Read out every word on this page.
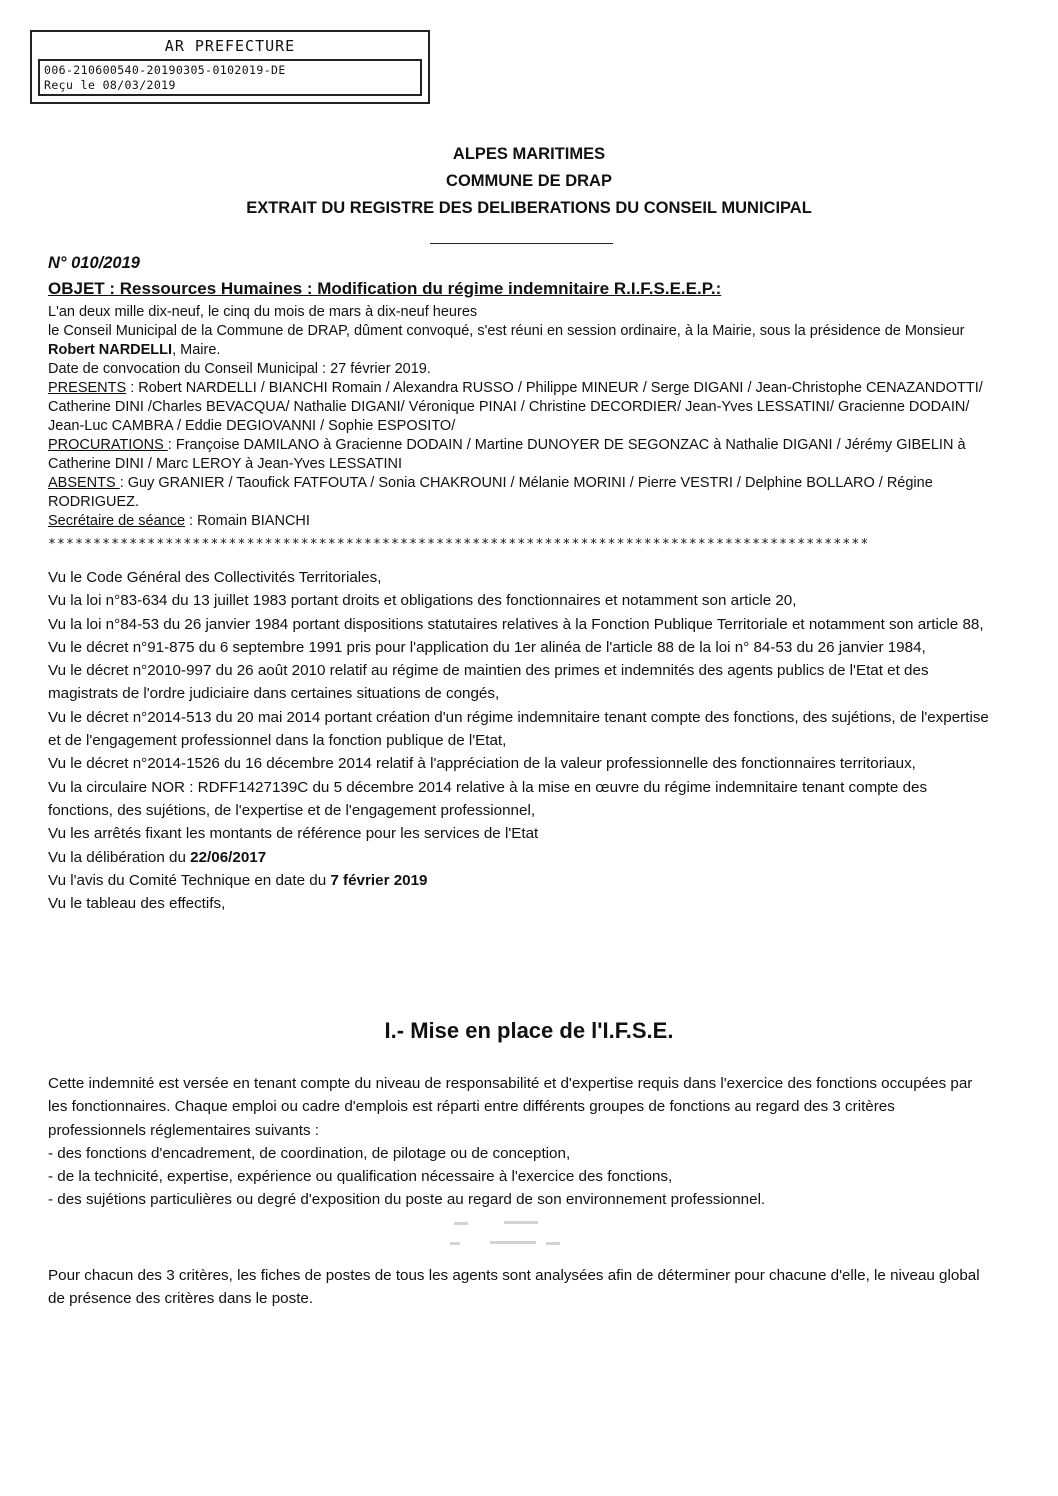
AR PREFECTURE
006-210600540-20190305-0102019-DE
Reçu le 08/03/2019
ALPES MARITIMES
COMMUNE DE DRAP
EXTRAIT DU REGISTRE DES DELIBERATIONS DU CONSEIL MUNICIPAL
N° 010/2019
OBJET : Ressources Humaines : Modification du régime indemnitaire R.I.F.S.E.E.P.:

L'an deux mille dix-neuf, le cinq du mois de mars à dix-neuf heures

le Conseil Municipal de la Commune de DRAP, dûment convoqué, s'est réuni en session ordinaire, à la Mairie, sous la présidence de Monsieur Robert NARDELLI, Maire.

Date de convocation du Conseil Municipal : 27 février 2019.

PRESENTS : Robert NARDELLI / BIANCHI Romain / Alexandra RUSSO / Philippe MINEUR / Serge DIGANI / Jean-Christophe CENAZANDOTTI/ Catherine DINI /Charles BEVACQUA/ Nathalie DIGANI/ Véronique PINAI / Christine DECORDIER/ Jean-Yves LESSATINI/ Gracienne DODAIN/ Jean-Luc CAMBRA / Eddie DEGIOVANNI / Sophie ESPOSITO/

PROCURATIONS : Françoise DAMILANO à Gracienne DODAIN / Martine DUNOYER DE SEGONZAC à Nathalie DIGANI / Jérémy GIBELIN à Catherine DINI / Marc LEROY à Jean-Yves LESSATINI

ABSENTS : Guy GRANIER / Taoufick FATFOUTA / Sonia CHAKROUNI / Mélanie MORINI / Pierre VESTRI / Delphine BOLLARO / Régine RODRIGUEZ.

Secrétaire de séance : Romain BIANCHI

*******************************************************************************************
Vu le Code Général des Collectivités Territoriales,
Vu la loi n°83-634 du 13 juillet 1983 portant droits et obligations des fonctionnaires et notamment son article 20,
Vu la loi n°84-53 du 26 janvier 1984 portant dispositions statutaires relatives à la Fonction Publique Territoriale et notamment son article 88,
Vu le décret n°91-875 du 6 septembre 1991 pris pour l'application du 1er alinéa de l'article 88 de la loi n° 84-53 du 26 janvier 1984,
Vu le décret n°2010-997 du 26 août 2010 relatif au régime de maintien des primes et indemnités des agents publics de l'Etat et des magistrats de l'ordre judiciaire dans certaines situations de congés,
Vu le décret n°2014-513 du 20 mai 2014 portant création d'un régime indemnitaire tenant compte des fonctions, des sujétions, de l'expertise et de l'engagement professionnel dans la fonction publique de l'Etat,
Vu le décret n°2014-1526 du 16 décembre 2014 relatif à l'appréciation de la valeur professionnelle des fonctionnaires territoriaux,
Vu la circulaire NOR : RDFF1427139C du 5 décembre 2014 relative à la mise en œuvre du régime indemnitaire tenant compte des fonctions, des sujétions, de l'expertise et de l'engagement professionnel,
Vu les arrêtés fixant les montants de référence pour les services de l'Etat
Vu la délibération du 22/06/2017
Vu l'avis du Comité Technique en date du 7 février 2019
Vu le tableau des effectifs,
I.- Mise en place de l'I.F.S.E.

Cette indemnité est versée en tenant compte du niveau de responsabilité et d'expertise requis dans l'exercice des fonctions occupées par les fonctionnaires. Chaque emploi ou cadre d'emplois est réparti entre différents groupes de fonctions au regard des 3 critères professionnels réglementaires suivants :

- des fonctions d'encadrement, de coordination, de pilotage ou de conception,

- de la technicité, expertise, expérience ou qualification nécessaire à l'exercice des fonctions,

- des sujétions particulières ou degré d'exposition du poste au regard de son environnement professionnel.

Pour chacun des 3 critères, les fiches de postes de tous les agents sont analysées afin de déterminer pour chacune d'elle, le niveau global de présence des critères dans le poste.
